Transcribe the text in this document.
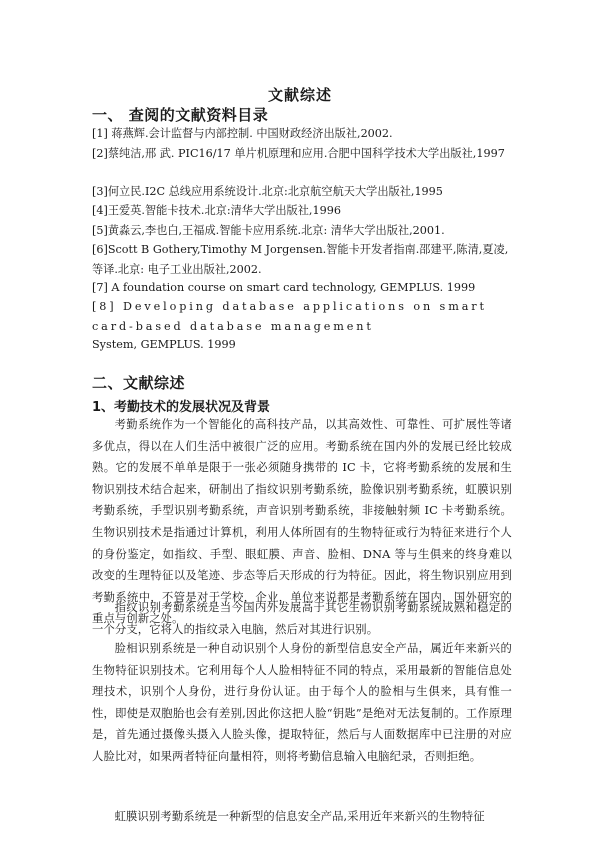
文献综述
一、 查阅的文献资料目录
[1] 蒋燕辉.会计监督与内部控制. 中国财政经济出版社,2002.
[2]蔡纯洁,邢 武. PIC16/17 单片机原理和应用.合肥中国科学技术大学出版社,1997
[3]何立民.I2C 总线应用系统设计.北京:北京航空航天大学出版社,1995
[4]王爱英.智能卡技术.北京:清华大学出版社,1996
[5]黄淼云,李也白,王福成.智能卡应用系统.北京: 清华大学出版社,2001.
[6]Scott B Gothery,Timothy M Jorgensen.智能卡开发者指南.邵建平,陈清,夏凌,等译.北京: 电子工业出版社,2002.
[7] A foundation course on smart card technology, GEMPLUS. 1999
[8] Developing database applications on smart card-based database management
System, GEMPLUS. 1999
二、文献综述
1、考勤技术的发展状况及背景
考勤系统作为一个智能化的高科技产品，以其高效性、可靠性、可扩展性等诸多优点，得以在人们生活中被很广泛的应用。考勤系统在国内外的发展已经比较成熟。它的发展不单单是限于一张必须随身携带的 IC 卡，它将考勤系统的发展和生物识别技术结合起来，研制出了指纹识别考勤系统，脸像识别考勤系统，虹膜识别考勤系统，手型识别考勤系统，声音识别考勤系统，非接触射频 IC 卡考勤系统。生物识别技术是指通过计算机，利用人体所固有的生物特征或行为特征来进行个人的身份鉴定，如指纹、手型、眼虹膜、声音、脸相、DNA 等与生俱来的终身难以改变的生理特征以及笔迹、步态等后天形成的行为特征。因此，将生物识别应用到考勤系统中，不管是对于学校，企业，单位来说都是考勤系统在国内，国外研究的重点与创新之处。
指纹识别考勤系统是当今国内外发展高于其它生物识别考勤系统成熟和稳定的一个分支，它将人的指纹录入电脑，然后对其进行识别。
脸相识别系统是一种自动识别个人身份的新型信息安全产品，属近年来新兴的生物特征识别技术。它利用每个人人脸相特征不同的特点，采用最新的智能信息处理技术，识别个人身份，进行身份认证。由于每个人的脸相与生俱来，具有惟一性，即使是双胞胎也会有差别,因此你这把人脸“钥匙”是绝对无法复制的。工作原理是，首先通过摄像头摄入人脸头像，提取特征，然后与人面数据库中已注册的对应人脸比对，如果两者特征向量相符，则将考勤信息输入电脑纪录，否则拒绝。
虹膜识别考勤系统是一种新型的信息安全产品,采用近年来新兴的生物特征
